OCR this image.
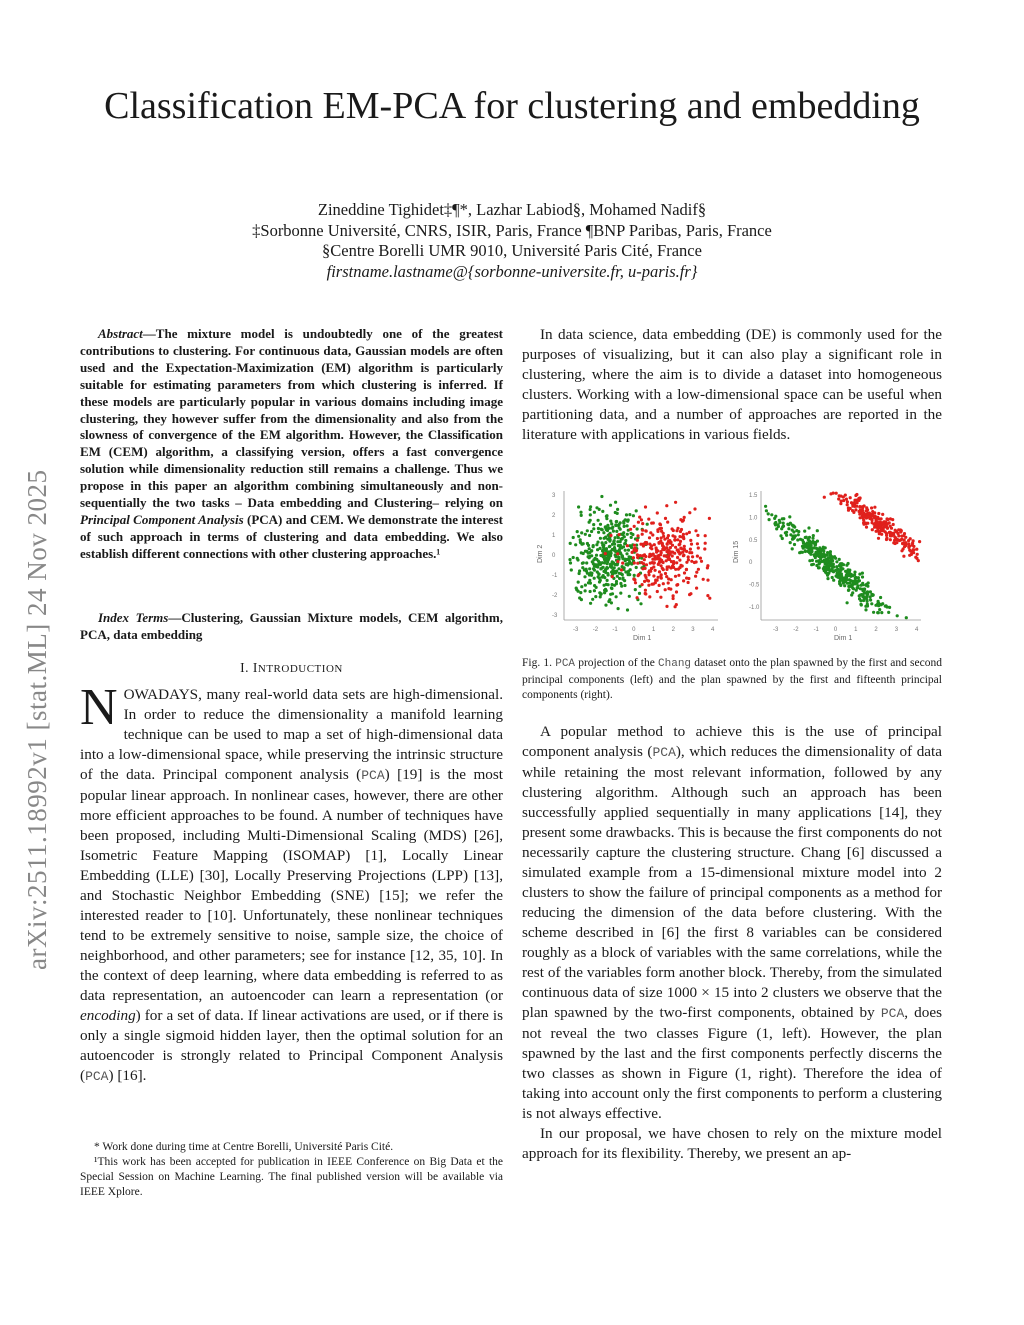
Classification EM-PCA for clustering and embedding
Zineddine Tighidet‡¶*, Lazhar Labiod§, Mohamed Nadif§
‡Sorbonne Université, CNRS, ISIR, Paris, France ¶BNP Paribas, Paris, France
§Centre Borelli UMR 9010, Université Paris Cité, France
firstname.lastname@{sorbonne-universite.fr, u-paris.fr}
arXiv:2511.18992v1 [stat.ML] 24 Nov 2025

Abstract—The mixture model is undoubtedly one of the greatest contributions to clustering. For continuous data, Gaussian models are often used and the Expectation-Maximization (EM) algorithm is particularly suitable for estimating parameters from which clustering is inferred. If these models are particularly popular in various domains including image clustering, they however suffer from the dimensionality and also from the slowness of convergence of the EM algorithm. However, the Classification EM (CEM) algorithm, a classifying version, offers a fast convergence solution while dimensionality reduction still remains a challenge. Thus we propose in this paper an algorithm combining simultaneously and non-sequentially the two tasks – Data embedding and Clustering– relying on Principal Component Analysis (PCA) and CEM. We demonstrate the interest of such approach in terms of clustering and data embedding. We also establish different connections with other clustering approaches.¹

Index Terms—Clustering, Gaussian Mixture models, CEM algorithm, PCA, data embedding

I. INTRODUCTION

NOWADAYS, many real-world data sets are high-dimensional. In order to reduce the dimensionality a manifold learning technique can be used to map a set of high-dimensional data into a low-dimensional space, while preserving the intrinsic structure of the data. Principal component analysis (PCA) [19] is the most popular linear approach. In nonlinear cases, however, there are other more efficient approaches to be found. A number of techniques have been proposed, including Multi-Dimensional Scaling (MDS) [26], Isometric Feature Mapping (ISOMAP) [1], Locally Linear Embedding (LLE) [30], Locally Preserving Projections (LPP) [13], and Stochastic Neighbor Embedding (SNE) [15]; we refer the interested reader to [10]. Unfortunately, these nonlinear techniques tend to be extremely sensitive to noise, sample size, the choice of neighborhood, and other parameters; see for instance [12, 35, 10]. In the context of deep learning, where data embedding is referred to as data representation, an autoencoder can learn a representation (or encoding) for a set of data. If linear activations are used, or if there is only a single sigmoid hidden layer, then the optimal solution for an autoencoder is strongly related to Principal Component Analysis (PCA) [16].

* Work done during time at Centre Borelli, Université Paris Cité.

¹This work has been accepted for publication in IEEE Conference on Big Data et the Special Session on Machine Learning. The final published version will be available via IEEE Xplore.

In data science, data embedding (DE) is commonly used for the purposes of visualizing, but it can also play a significant role in clustering, where the aim is to divide a dataset into homogeneous clusters. Working with a low-dimensional space can be useful when partitioning data, and a number of approaches are reported in the literature with applications in various fields.
Dim 1
Dim 2
-3 -2 -1 0	1	2	3	4
3
2
1
0
-1
-2
-3
Dim 1
Dim 15
-3 -2 -1 0	1	2	3	4
1.5
1.0
0.5
0
-0.5
-1.0
Fig. 1. PCA projection of the Chang dataset onto the plan spawned by the first and second principal components (left) and the plan spawned by the first and fifteenth principal components (right).

A popular method to achieve this is the use of principal component analysis (PCA), which reduces the dimensionality of data while retaining the most relevant information, followed by any clustering algorithm. Although such an approach has been successfully applied sequentially in many applications [14], they present some drawbacks. This is because the first components do not necessarily capture the clustering structure. Chang [6] discussed a simulated example from a 15-dimensional mixture model into 2 clusters to show the failure of principal components as a method for reducing the dimension of the data before clustering. With the scheme described in [6] the first 8 variables can be considered roughly as a block of variables with the same correlations, while the rest of the variables form another block. Thereby, from the simulated continuous data of size 1000 × 15 into 2 clusters we observe that the plan spawned by the two-first components, obtained by PCA, does not reveal the two classes Figure (1, left). However, the plan spawned by the last and the first components perfectly discerns the two classes as shown in Figure (1, right). Therefore the idea of taking into account only the first components to perform a clustering is not always effective.

In our proposal, we have chosen to rely on the mixture model approach for its flexibility. Thereby, we present an ap-
